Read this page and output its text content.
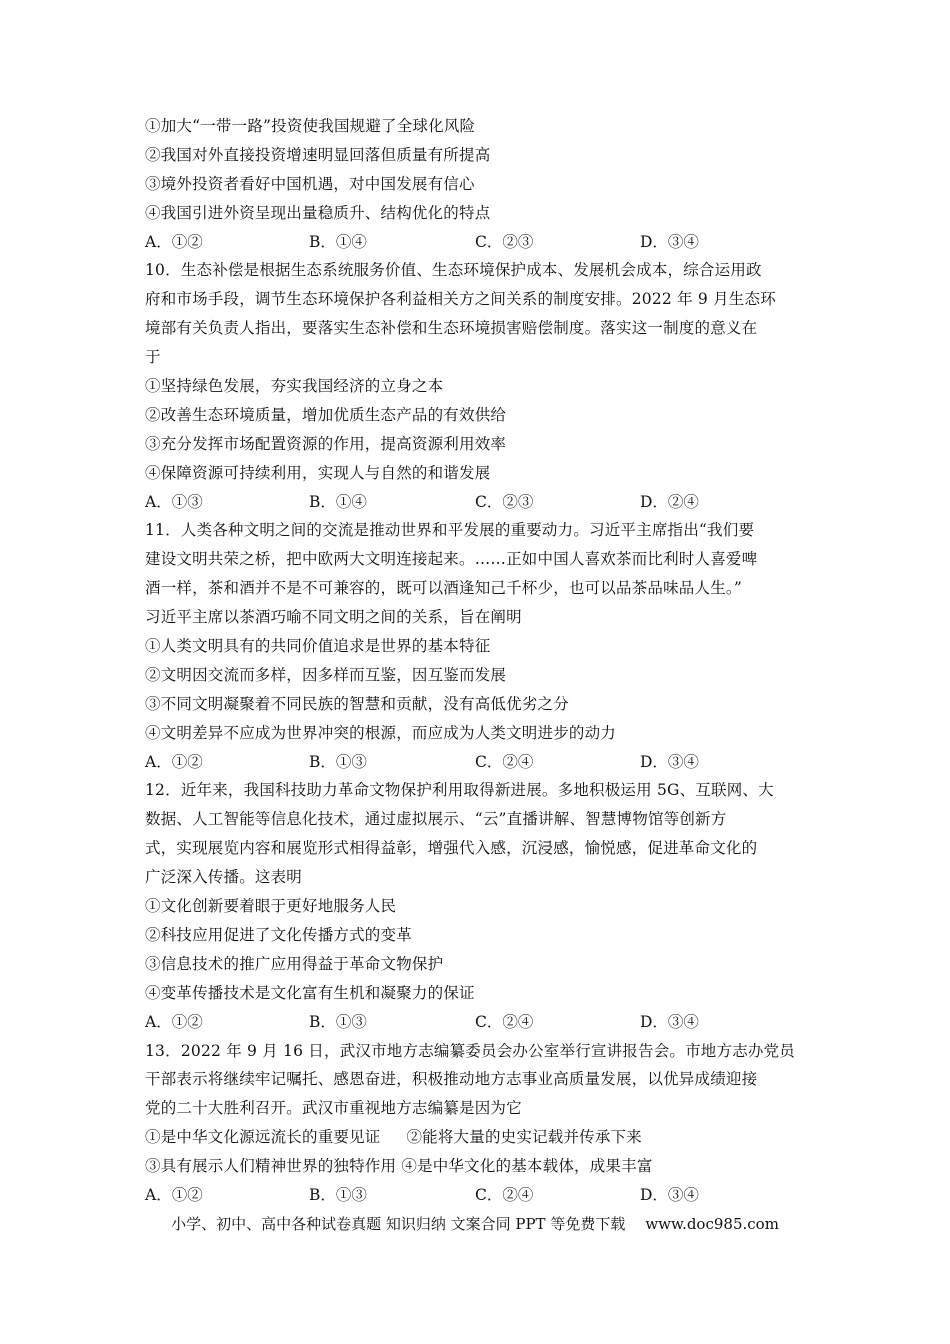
①加大“一带一路”投资使我国规避了全球化风险
②我国对外直接投资增速明显回落但质量有所提高
③境外投资者看好中国机遇，对中国发展有信心
④我国引进外资呈现出量稳质升、结构优化的特点
A．①②	B．①④	C．②③	D．③④
10．生态补偿是根据生态系统服务价值、生态环境保护成本、发展机会成本，综合运用政
府和市场手段，调节生态环境保护各利益相关方之间关系的制度安排。2022 年 9 月生态环
境部有关负责人指出，要落实生态补偿和生态环境损害赔偿制度。落实这一制度的意义在
于
①坚持绿色发展，夯实我国经济的立身之本
②改善生态环境质量，增加优质生态产品的有效供给
③充分发挥市场配置资源的作用，提高资源利用效率
④保障资源可持续利用，实现人与自然的和谐发展
A．①③	B．①④	C．②③	D．②④
11．人类各种文明之间的交流是推动世界和平发展的重要动力。习近平主席指出“我们要
建设文明共荣之桥，把中欧两大文明连接起来。……正如中国人喜欢茶而比利时人喜爱啤
酒一样，茶和酒并不是不可兼容的，既可以酒逢知己千杯少，也可以品茶品味品人生。”
习近平主席以茶酒巧喻不同文明之间的关系，旨在阐明
①人类文明具有的共同价值追求是世界的基本特征
②文明因交流而多样，因多样而互鉴，因互鉴而发展
③不同文明凝聚着不同民族的智慧和贡献，没有高低优劣之分
④文明差异不应成为世界冲突的根源，而应成为人类文明进步的动力
A．①②	B．①③	C．②④	D．③④
12．近年来，我国科技助力革命文物保护利用取得新进展。多地积极运用 5G、互联网、大
数据、人工智能等信息化技术，通过虚拟展示、“云”直播讲解、智慧博物馆等创新方
式，实现展览内容和展览形式相得益彰，增强代入感，沉浸感，愉悦感，促进革命文化的
广泛深入传播。这表明
①文化创新要着眼于更好地服务人民
②科技应用促进了文化传播方式的变革
③信息技术的推广应用得益于革命文物保护
④变革传播技术是文化富有生机和凝聚力的保证
A．①②	B．①③	C．②④	D．③④
13．2022 年 9 月 16 日，武汉市地方志编纂委员会办公室举行宣讲报告会。市地方志办党员
干部表示将继续牢记嘱托、感恩奋进，积极推动地方志事业高质量发展，以优异成绩迎接
党的二十大胜利召开。武汉市重视地方志编纂是因为它
①是中华文化源远流长的重要见证 　 ②能将大量的史实记载并传承下来
③具有展示人们精神世界的独特作用 ④是中华文化的基本载体，成果丰富
A．①②	B．①③	C．②④	D．③④
小学、初中、高中各种试卷真题 知识归纳 文案合同 PPT 等免费下载 www.doc985.com
